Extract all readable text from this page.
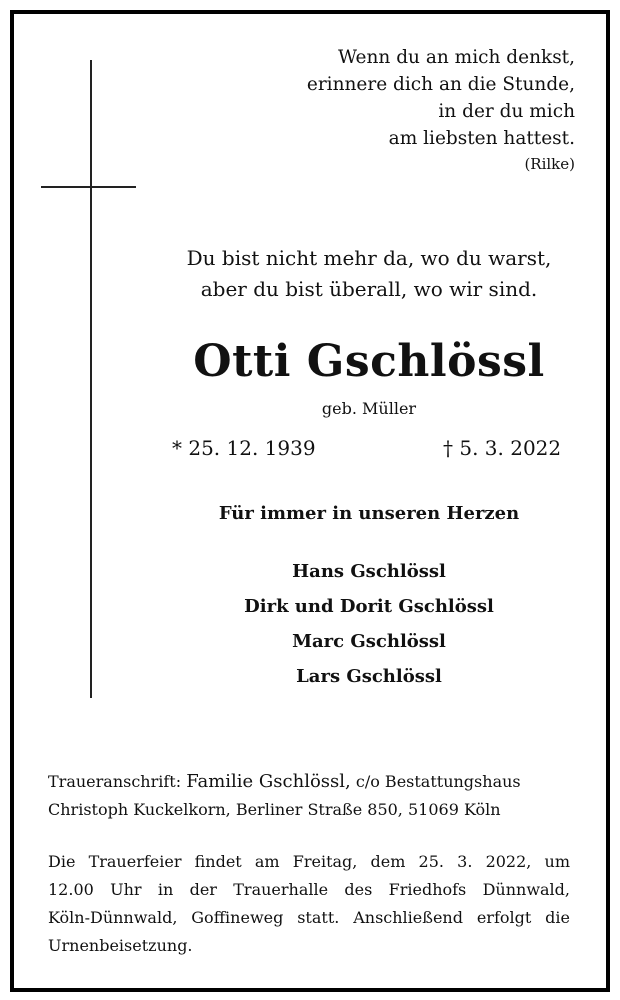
Wenn du an mich denkst,
erinnere dich an die Stunde,
in der du mich
am liebsten hattest.
(Rilke)
Du bist nicht mehr da, wo du warst,
aber du bist überall, wo wir sind.
Otti Gschlössl
geb. Müller
* 25. 12. 1939	† 5. 3. 2022
Für immer in unseren Herzen
Hans Gschlössl
Dirk und Dorit Gschlössl
Marc Gschlössl
Lars Gschlössl
Traueranschrift: Familie Gschlössl, c/o Bestattungshaus
Christoph Kuckelkorn, Berliner Straße 850, 51069 Köln
Die Trauerfeier findet am Freitag, dem 25. 3. 2022, um
12.00 Uhr in der Trauerhalle des Friedhofs Dünnwald,
Köln-Dünnwald, Goffineweg statt. Anschließend erfolgt die
Urnenbeisetzung.
